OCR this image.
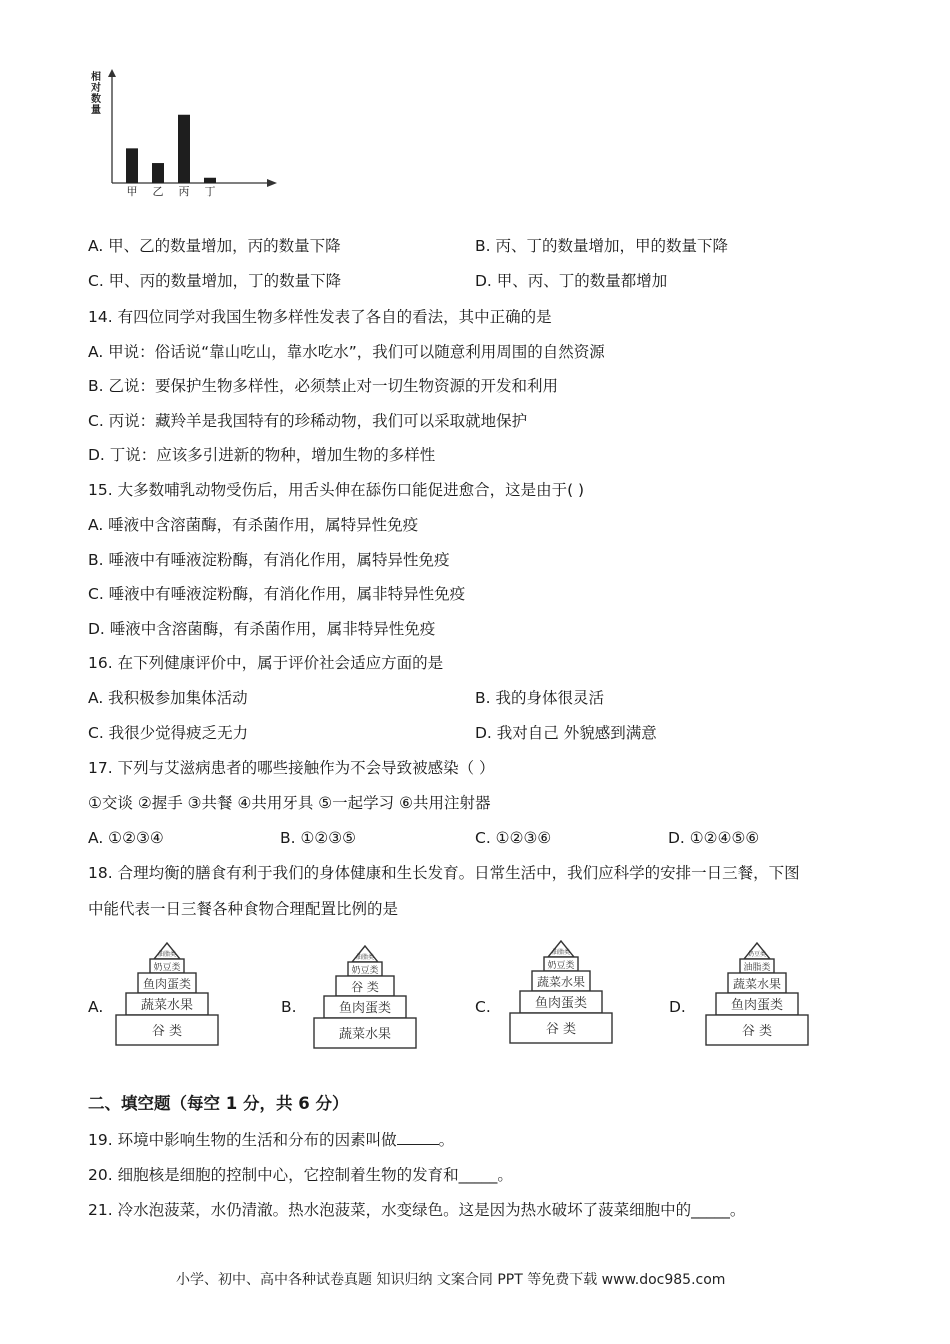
相
对
数
量
甲 乙 丙 丁
A. 甲、乙的数量增加，丙的数量下降	B. 丙、丁的数量增加，甲的数量下降
C. 甲、丙的数量增加，丁的数量下降	D. 甲、丙、丁的数量都增加
14. 有四位同学对我国生物多样性发表了各自的看法，其中正确的是
A. 甲说：俗话说“靠山吃山，靠水吃水”，我们可以随意利用周围的自然资源
B. 乙说：要保护生物多样性，必须禁止对一切生物资源的开发和利用
C. 丙说：藏羚羊是我国特有的珍稀动物，我们可以采取就地保护
D. 丁说：应该多引进新的物种，增加生物的多样性
15. 大多数哺乳动物受伤后，用舌头伸在舔伤口能促进愈合，这是由于( )
A. 唾液中含溶菌酶，有杀菌作用，属特异性免疫
B. 唾液中有唾液淀粉酶，有消化作用，属特异性免疫
C. 唾液中有唾液淀粉酶，有消化作用，属非特异性免疫
D. 唾液中含溶菌酶，有杀菌作用，属非特异性免疫
16. 在下列健康评价中，属于评价社会适应方面的是
A. 我积极参加集体活动	B. 我的身体很灵活
C. 我很少觉得疲乏无力	D. 我对自己 外貌感到满意
17. 下列与艾滋病患者的哪些接触作为不会导致被感染（ ）
①交谈 ②握手 ③共餐 ④共用牙具 ⑤一起学习 ⑥共用注射器
A. ①②③④	B. ①②③⑤	C. ①②③⑥	D. ①②④⑤⑥
18. 合理均衡的膳食有利于我们的身体健康和生长发育。日常生活中，我们应科学的安排一日三餐，下图
中能代表一日三餐各种食物合理配置比例的是
A.
油脂类
奶豆类
鱼肉蛋类
蔬菜水果
谷 类
B.
油脂类
奶豆类
谷 类
鱼肉蛋类
蔬菜水果
C.
油脂类
奶豆类
蔬菜水果
鱼肉蛋类
谷 类
D.
奶豆类
油脂类
蔬菜水果
鱼肉蛋类
谷 类
二、填空题（每空 1 分，共 6 分）
19. 环境中影响生物的生活和分布的因素叫做	。
20. 细胞核是细胞的控制中心，它控制着生物的发育和_____。
21. 冷水泡菠菜，水仍清澈。热水泡菠菜，水变绿色。这是因为热水破坏了菠菜细胞中的_____。
小学、初中、高中各种试卷真题 知识归纳 文案合同 PPT 等免费下载 www.doc985.com
